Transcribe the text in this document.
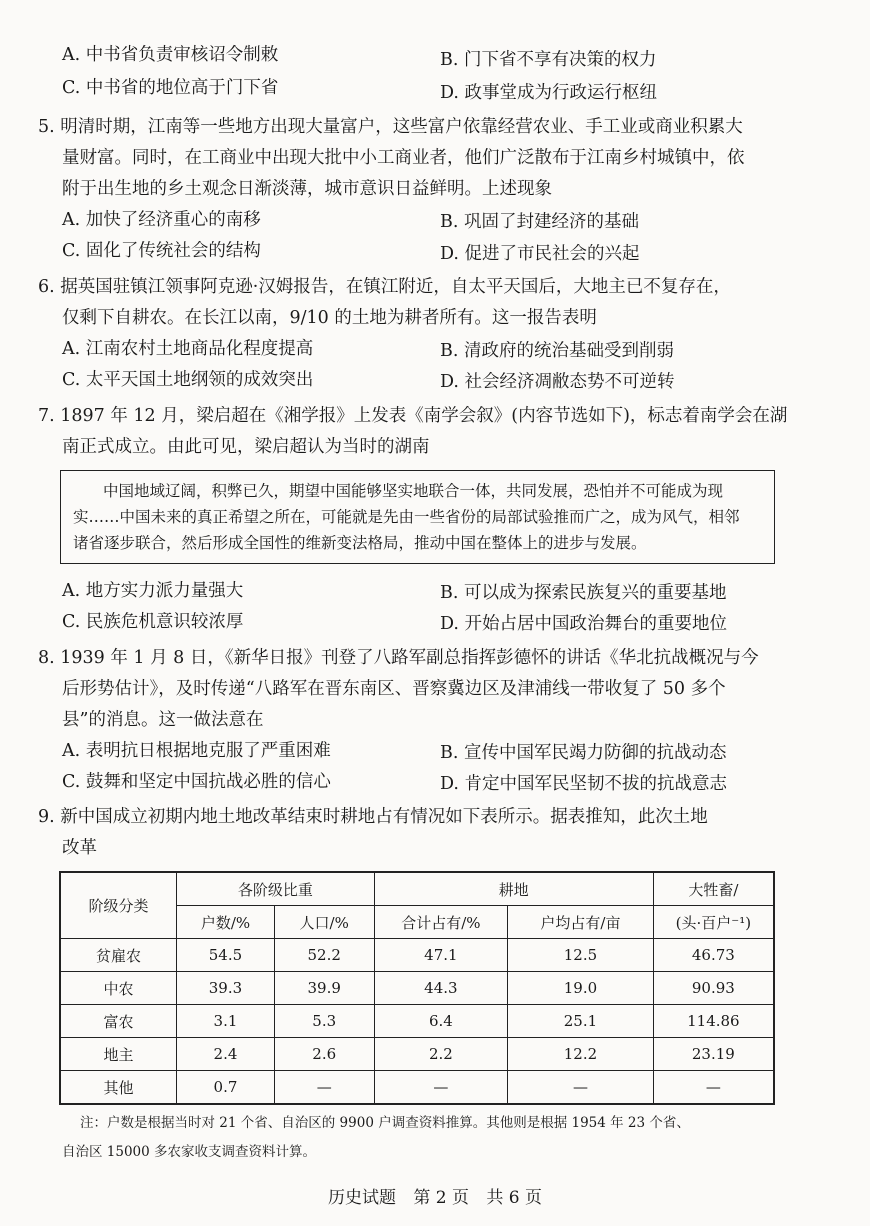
A. 中书省负责审核诏令制敕	B. 门下省不享有决策的权力
C. 中书省的地位高于门下省	D. 政事堂成为行政运行枢纽
5. 明清时期，江南等一些地方出现大量富户，这些富户依靠经营农业、手工业或商业积累大
量财富。同时，在工商业中出现大批中小工商业者，他们广泛散布于江南乡村城镇中，依
附于出生地的乡土观念日渐淡薄，城市意识日益鲜明。上述现象
A. 加快了经济重心的南移	B. 巩固了封建经济的基础
C. 固化了传统社会的结构	D. 促进了市民社会的兴起
6. 据英国驻镇江领事阿克逊·汉姆报告，在镇江附近，自太平天国后，大地主已不复存在，
仅剩下自耕农。在长江以南，9/10 的土地为耕者所有。这一报告表明
A. 江南农村土地商品化程度提高	B. 清政府的统治基础受到削弱
C. 太平天国土地纲领的成效突出	D. 社会经济凋敝态势不可逆转
7. 1897 年 12 月，梁启超在《湘学报》上发表《南学会叙》(内容节选如下)，标志着南学会在湖
南正式成立。由此可见，梁启超认为当时的湖南
中国地域辽阔，积弊已久，期望中国能够坚实地联合一体，共同发展，恐怕并不可能成为现
实……中国未来的真正希望之所在，可能就是先由一些省份的局部试验推而广之，成为风气，相邻
诸省逐步联合，然后形成全国性的维新变法格局，推动中国在整体上的进步与发展。
A. 地方实力派力量强大	B. 可以成为探索民族复兴的重要基地
C. 民族危机意识较浓厚	D. 开始占居中国政治舞台的重要地位
8. 1939 年 1 月 8 日，《新华日报》刊登了八路军副总指挥彭德怀的讲话《华北抗战概况与今
后形势估计》，及时传递“八路军在晋东南区、晋察冀边区及津浦线一带收复了 50 多个
县”的消息。这一做法意在
A. 表明抗日根据地克服了严重困难	B. 宣传中国军民竭力防御的抗战动态
C. 鼓舞和坚定中国抗战必胜的信心	D. 肯定中国军民坚韧不拔的抗战意志
9. 新中国成立初期内地土地改革结束时耕地占有情况如下表所示。据表推知，此次土地
改革
阶级分类	各阶级比重		耕地		大牲畜/
	户数/%	人口/%	合计占有/%	户均占有/亩	(头·百户⁻¹)
贫雇农	54.5	52.2	47.1	12.5	46.73
中农	39.3	39.9	44.3	19.0	90.93
富农	3.1	5.3	6.4	25.1	114.86
地主	2.4	2.6	2.2	12.2	23.19
其他	0.7	—	—	—	—
注：户数是根据当时对 21 个省、自治区的 9900 户调查资料推算。其他则是根据 1954 年 23 个省、
自治区 15000 多农家收支调查资料计算。
历史试题 第 2 页 共 6 页
